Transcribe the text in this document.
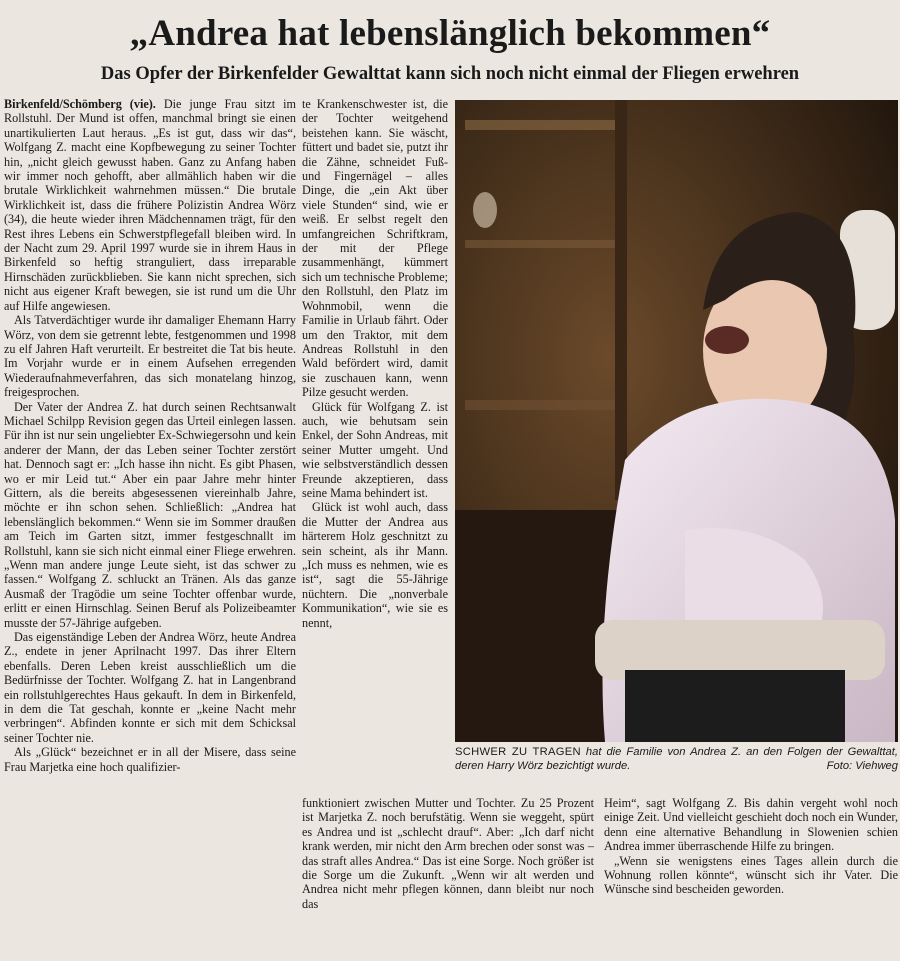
„Andrea hat lebenslänglich bekommen“
Das Opfer der Birkenfelder Gewalttat kann sich noch nicht einmal der Fliegen erwehren

Birkenfeld/Schömberg (vie). Die junge Frau sitzt im Rollstuhl. Der Mund ist offen, manchmal bringt sie einen unartikulierten Laut heraus. „Es ist gut, dass wir das“, Wolfgang Z. macht eine Kopfbewegung zu seiner Tochter hin, „nicht gleich gewusst haben. Ganz zu Anfang haben wir immer noch gehofft, aber allmählich haben wir die brutale Wirklichkeit wahrnehmen müssen.“ Die brutale Wirklichkeit ist, dass die frühere Polizistin Andrea Wörz (34), die heute wieder ihren Mädchennamen trägt, für den Rest ihres Lebens ein Schwerstpflegefall bleiben wird. In der Nacht zum 29. April 1997 wurde sie in ihrem Haus in Birkenfeld so heftig stranguliert, dass irreparable Hirnschäden zurückblieben. Sie kann nicht sprechen, sich nicht aus eigener Kraft bewegen, sie ist rund um die Uhr auf Hilfe angewiesen.

Als Tatverdächtiger wurde ihr damaliger Ehemann Harry Wörz, von dem sie getrennt lebte, festgenommen und 1998 zu elf Jahren Haft verurteilt. Er bestreitet die Tat bis heute. Im Vorjahr wurde er in einem Aufsehen erregenden Wiederaufnahmeverfahren, das sich monatelang hinzog, freigesprochen.

Der Vater der Andrea Z. hat durch seinen Rechtsanwalt Michael Schilpp Revision gegen das Urteil einlegen lassen. Für ihn ist nur sein ungeliebter Ex-Schwiegersohn und kein anderer der Mann, der das Leben seiner Tochter zerstört hat. Dennoch sagt er: „Ich hasse ihn nicht. Es gibt Phasen, wo er mir Leid tut.“ Aber ein paar Jahre mehr hinter Gittern, als die bereits abgesessenen viereinhalb Jahre, möchte er ihn schon sehen. Schließlich: „Andrea hat lebenslänglich bekommen.“ Wenn sie im Sommer draußen am Teich im Garten sitzt, immer festgeschnallt im Rollstuhl, kann sie sich nicht einmal einer Fliege erwehren. „Wenn man andere junge Leute sieht, ist das schwer zu fassen.“ Wolfgang Z. schluckt an Tränen. Als das ganze Ausmaß der Tragödie um seine Tochter offenbar wurde, erlitt er einen Hirnschlag. Seinen Beruf als Polizeibeamter musste der 57-Jährige aufgeben.

Das eigenständige Leben der Andrea Wörz, heute Andrea Z., endete in jener Aprilnacht 1997. Das ihrer Eltern ebenfalls. Deren Leben kreist ausschließlich um die Bedürfnisse der Tochter. Wolfgang Z. hat in Langenbrand ein rollstuhlgerechtes Haus gekauft. In dem in Birkenfeld, in dem die Tat geschah, konnte er „keine Nacht mehr verbringen“. Abfinden konnte er sich mit dem Schicksal seiner Tochter nie.

Als „Glück“ bezeichnet er in all der Misere, dass seine Frau Marjetka eine hoch qualifizier-

te Krankenschwester ist, die der Tochter weitgehend beistehen kann. Sie wäscht, füttert und badet sie, putzt ihr die Zähne, schneidet Fuß- und Fingernägel – alles Dinge, die „ein Akt über viele Stunden“ sind, wie er weiß. Er selbst regelt den umfangreichen Schriftkram, der mit der Pflege zusammenhängt, kümmert sich um technische Probleme; den Rollstuhl, den Platz im Wohnmobil, wenn die Familie in Urlaub fährt. Oder um den Traktor, mit dem Andreas Rollstuhl in den Wald befördert wird, damit sie zuschauen kann, wenn Pilze gesucht werden.

Glück für Wolfgang Z. ist auch, wie behutsam sein Enkel, der Sohn Andreas, mit seiner Mutter umgeht. Und wie selbstverständlich dessen Freunde akzeptieren, dass seine Mama behindert ist.

Glück ist wohl auch, dass die Mutter der Andrea aus härterem Holz geschnitzt zu sein scheint, als ihr Mann. „Ich muss es nehmen, wie es ist“, sagt die 55-Jährige nüchtern. Die „nonverbale Kommunikation“, wie sie es nennt,

SCHWER ZU TRAGEN hat die Familie von Andrea Z. an den Folgen der Gewalttat, deren Harry Wörz bezichtigt wurde.	Foto: Viehweg

funktioniert zwischen Mutter und Tochter. Zu 25 Prozent ist Marjetka Z. noch berufstätig. Wenn sie weggeht, spürt es Andrea und ist „schlecht drauf“. Aber: „Ich darf nicht krank werden, mir nicht den Arm brechen oder sonst was – das straft alles Andrea.“ Das ist eine Sorge. Noch größer ist die Sorge um die Zukunft. „Wenn wir alt werden und Andrea nicht mehr pflegen können, dann bleibt nur noch das

Heim“, sagt Wolfgang Z. Bis dahin vergeht wohl noch einige Zeit. Und vielleicht geschieht doch noch ein Wunder, denn eine alternative Behandlung in Slowenien schien Andrea immer überraschende Hilfe zu bringen.

„Wenn sie wenigstens eines Tages allein durch die Wohnung rollen könnte“, wünscht sich ihr Vater. Die Wünsche sind bescheiden geworden.
